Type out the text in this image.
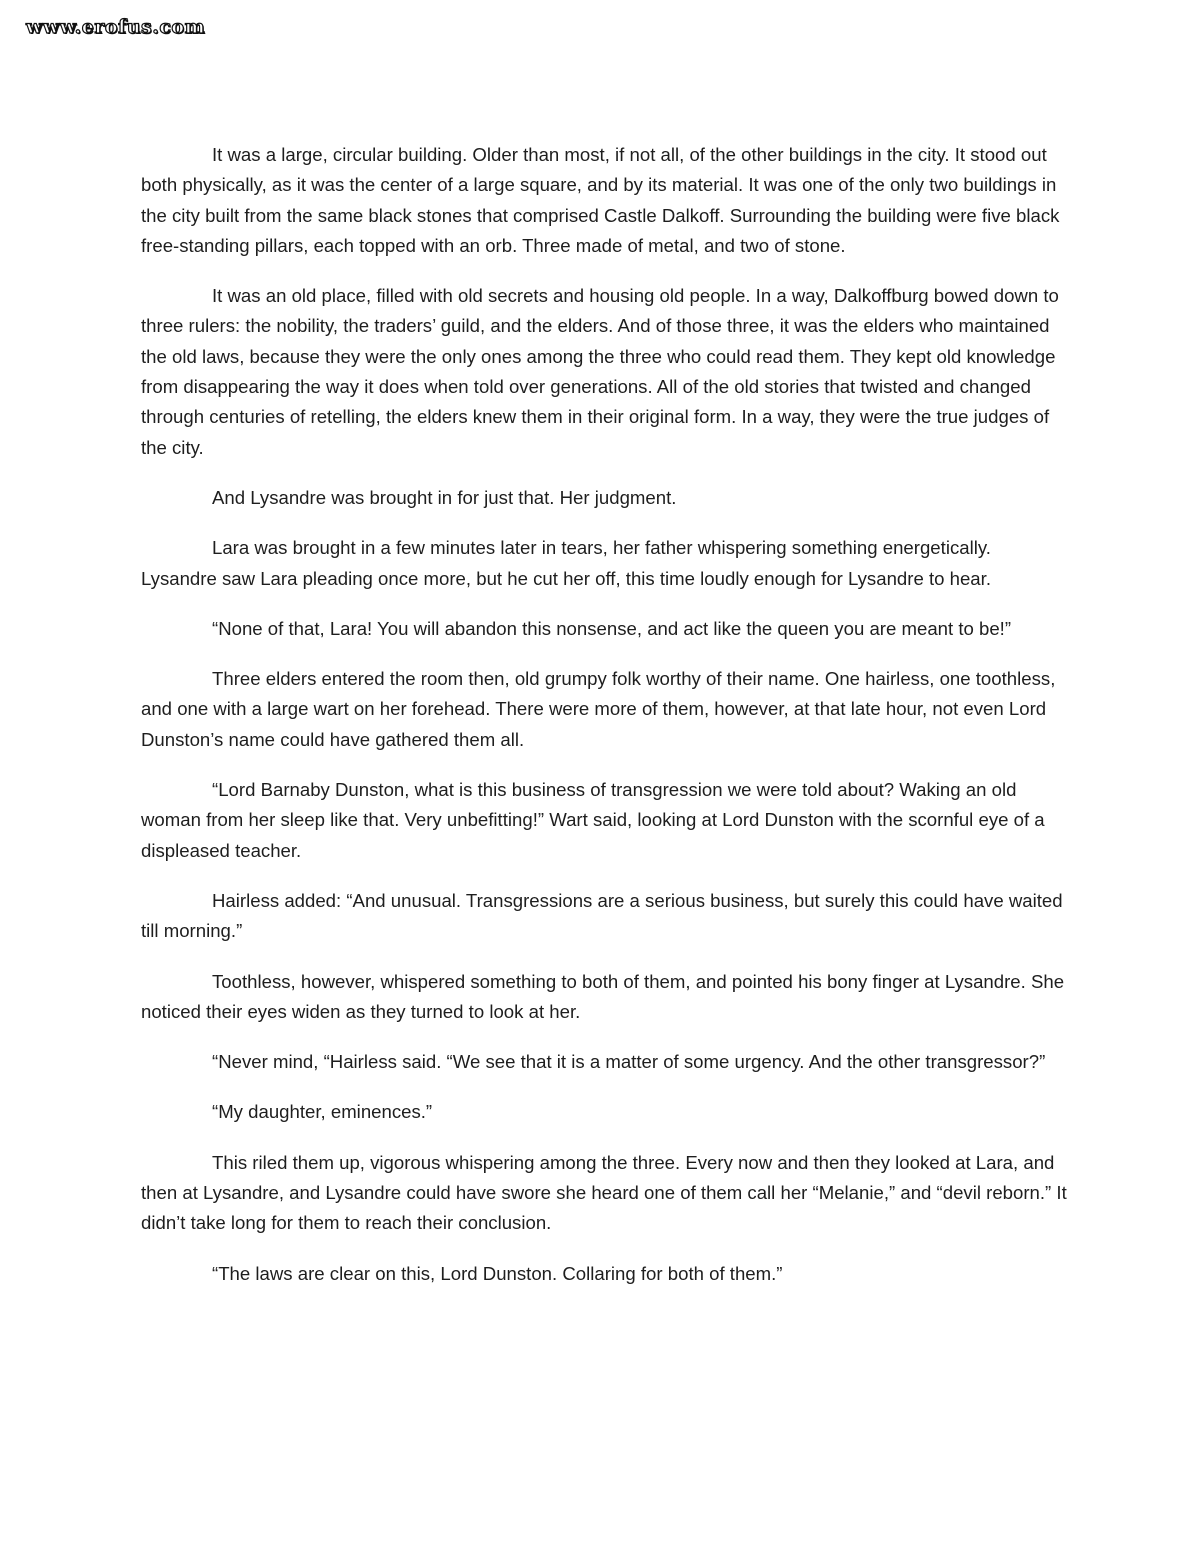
www.erofus.com

It was a large, circular building. Older than most, if not all, of the other buildings in the city. It stood out both physically, as it was the center of a large square, and by its material. It was one of the only two buildings in the city built from the same black stones that comprised Castle Dalkoff. Surrounding the building were five black free-standing pillars, each topped with an orb. Three made of metal, and two of stone.

It was an old place, filled with old secrets and housing old people. In a way, Dalkoffburg bowed down to three rulers: the nobility, the traders’ guild, and the elders. And of those three, it was the elders who maintained the old laws, because they were the only ones among the three who could read them. They kept old knowledge from disappearing the way it does when told over generations. All of the old stories that twisted and changed through centuries of retelling, the elders knew them in their original form. In a way, they were the true judges of the city.

And Lysandre was brought in for just that. Her judgment.

Lara was brought in a few minutes later in tears, her father whispering something energetically. Lysandre saw Lara pleading once more, but he cut her off, this time loudly enough for Lysandre to hear.

“None of that, Lara! You will abandon this nonsense, and act like the queen you are meant to be!”

Three elders entered the room then, old grumpy folk worthy of their name. One hairless, one toothless, and one with a large wart on her forehead. There were more of them, however, at that late hour, not even Lord Dunston’s name could have gathered them all.

“Lord Barnaby Dunston, what is this business of transgression we were told about? Waking an old woman from her sleep like that. Very unbefitting!” Wart said, looking at Lord Dunston with the scornful eye of a displeased teacher.

Hairless added: “And unusual. Transgressions are a serious business, but surely this could have waited till morning.”

Toothless, however, whispered something to both of them, and pointed his bony finger at Lysandre. She noticed their eyes widen as they turned to look at her.

“Never mind, “Hairless said. “We see that it is a matter of some urgency. And the other transgressor?”

“My daughter, eminences.”

This riled them up, vigorous whispering among the three. Every now and then they looked at Lara, and then at Lysandre, and Lysandre could have swore she heard one of them call her “Melanie,” and “devil reborn.” It didn’t take long for them to reach their conclusion.

“The laws are clear on this, Lord Dunston. Collaring for both of them.”
